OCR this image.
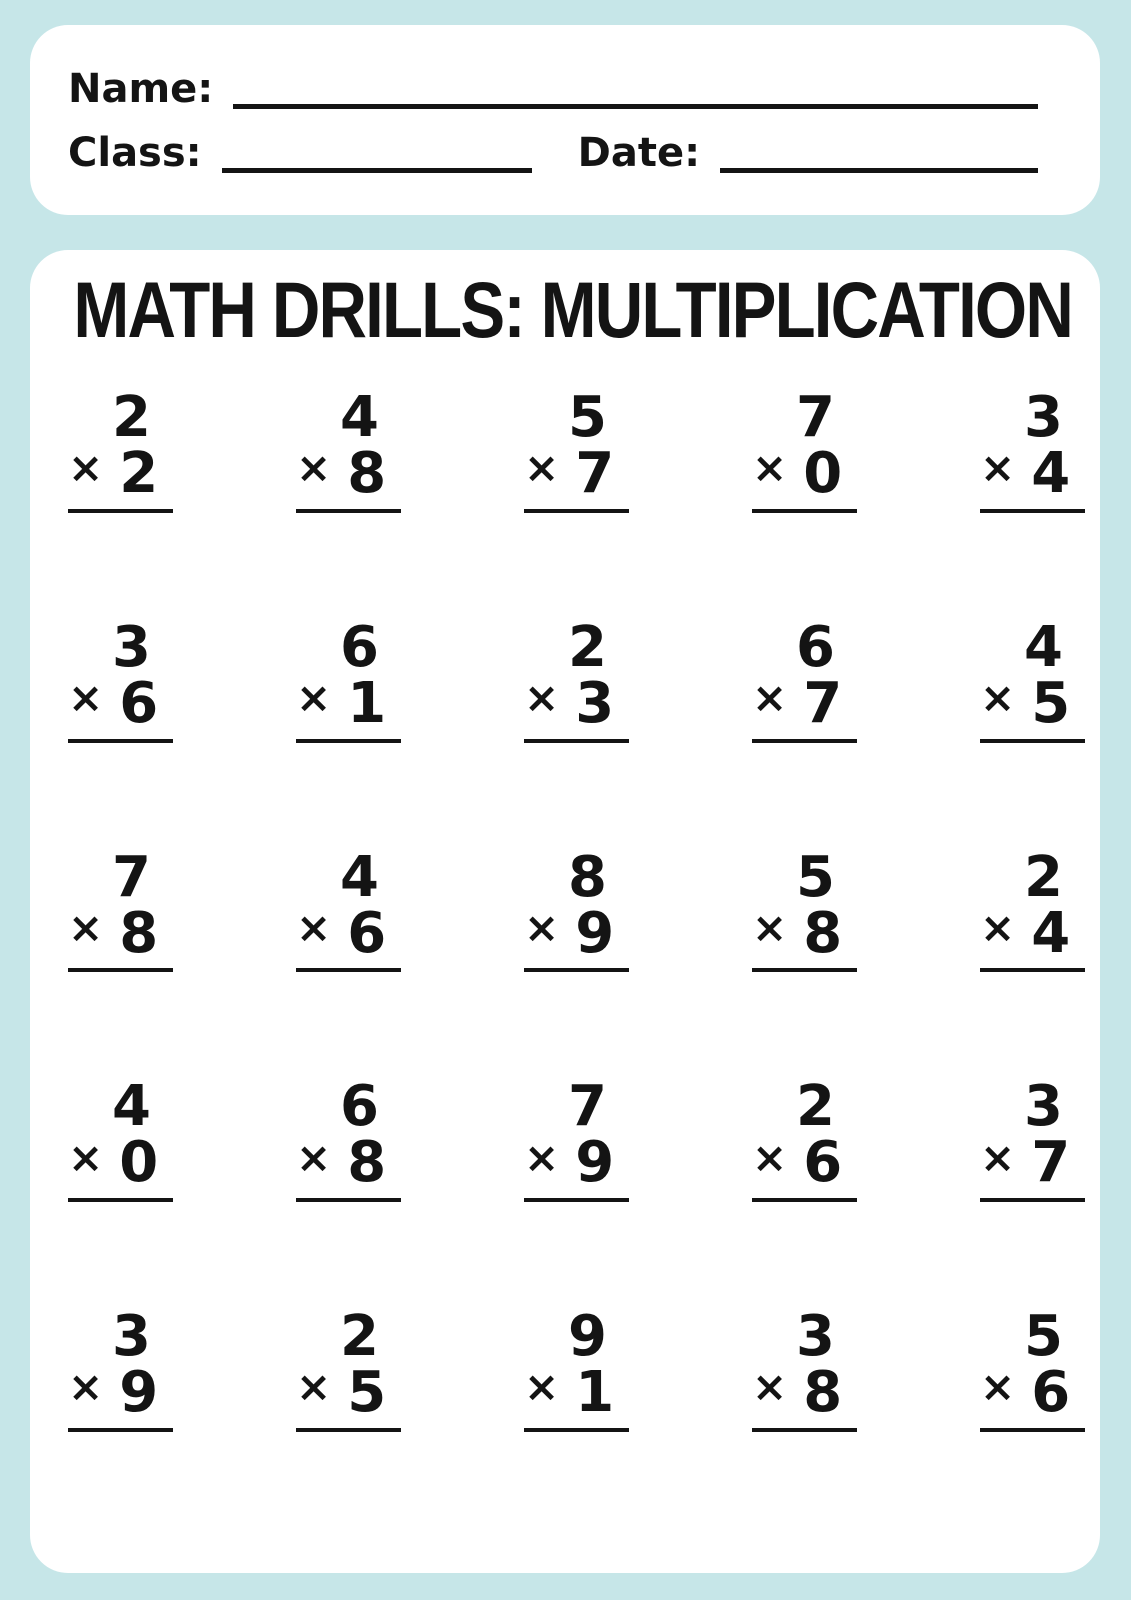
Name:
Class:	Date:
MATH DRILLS: MULTIPLICATION
2
× 2
4
× 8
5
× 7
7
× 0
3
× 4
3
× 6
6
× 1
2
× 3
6
× 7
4
× 5
7
× 8
4
× 6
8
× 9
5
× 8
2
× 4
4
× 0
6
× 8
7
× 9
2
× 6
3
× 7
3
× 9
2
× 5
9
× 1
3
× 8
5
× 6
